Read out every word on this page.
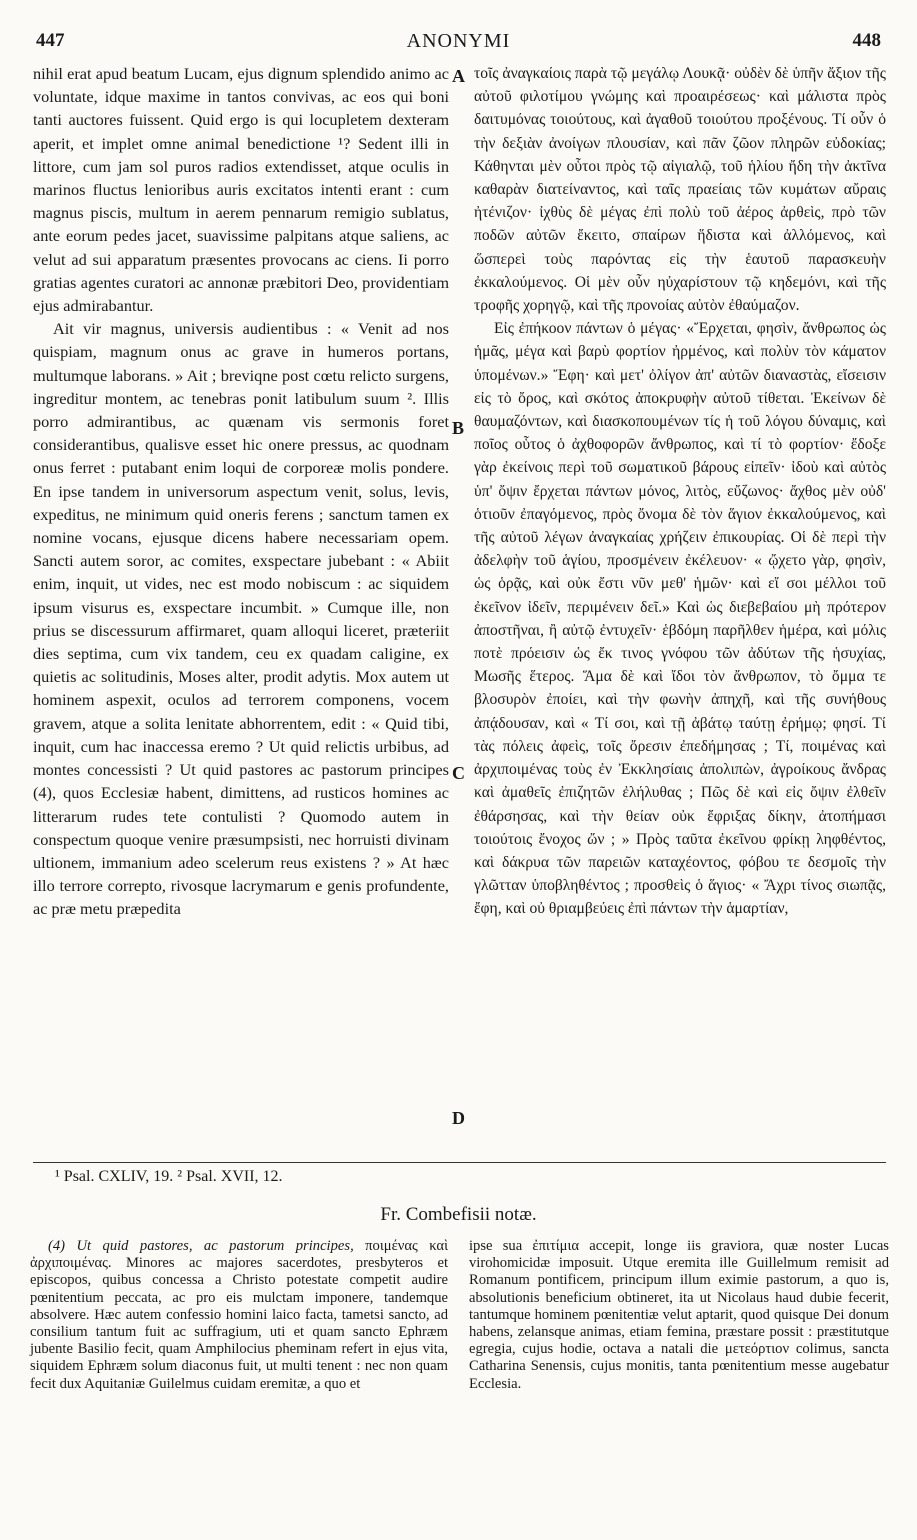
447	ANONYMI	448

nihil erat apud beatum Lucam, ejus dignum splendido animo ac voluntate, idque maxime in tantos convivas, ac eos qui boni tanti auctores fuissent. Quid ergo is qui locupletem dexteram aperit, et implet omne animal benedictione ¹? Sedent illi in littore, cum jam sol puros radios extendisset, atque oculis in marinos fluctus lenioribus auris excitatos intenti erant : cum magnus piscis, multum in aerem pennarum remigio sublatus, ante eorum pedes jacet, suavissime palpitans atque saliens, ac velut ad sui apparatum præsentes provocans ac ciens. Ii porro gratias agentes curatori ac annonæ præbitori Deo, providentiam ejus admirabantur.

Ait vir magnus, universis audientibus : « Venit ad nos quispiam, magnum onus ac grave in humeros portans, multumque laborans. » Ait ; breviqne post cœtu relicto surgens, ingreditur montem, ac tenebras ponit latibulum suum ². Illis porro admirantibus, ac quænam vis sermonis foret considerantibus, qualisve esset hic onere pressus, ac quodnam onus ferret : putabant enim loqui de corporeæ molis pondere. En ipse tandem in universorum aspectum venit, solus, levis, expeditus, ne minimum quid oneris ferens ; sanctum tamen ex nomine vocans, ejusque dicens habere necessariam opem. Sancti autem soror, ac comites, exspectare jubebant : « Abiit enim, inquit, ut vides, nec est modo nobiscum : ac siquidem ipsum visurus es, exspectare incumbit. » Cumque ille, non prius se discessurum affirmaret, quam alloqui liceret, præteriit dies septima, cum vix tandem, ceu ex quadam caligine, ex quietis ac solitudinis, Moses alter, prodit adytis. Mox autem ut hominem aspexit, oculos ad terrorem componens, vocem gravem, atque a solita lenitate abhorrentem, edit : « Quid tibi, inquit, cum hac inaccessa eremo ? Ut quid relictis urbibus, ad montes concessisti ? Ut quid pastores ac pastorum principes (4), quos Ecclesiæ habent, dimittens, ad rusticos homines ac litterarum rudes tete contulisti ? Quomodo autem in conspectum quoque venire præsumpsisti, nec horruisti divinam ultionem, immanium adeo scelerum reus existens ? » At hæc illo terrore correpto, rivosque lacrymarum e genis profundente, ac præ metu præpedita

A
B
C
D

τοῖς ἀναγκαίοις παρὰ τῷ μεγάλῳ Λουκᾷ· οὐδὲν δὲ ὑπῆν ἄξιον τῆς αὐτοῦ φιλοτίμου γνώμης καὶ προαιρέσεως· καὶ μάλιστα πρὸς δαιτυμόνας τοιούτους, καὶ ἀγαθοῦ τοιούτου προξένους. Τί οὖν ὁ τὴν δεξιὰν ἀνοίγων πλουσίαν, καὶ πᾶν ζῶον πληρῶν εὐδοκίας; Κάθηνται μὲν οὗτοι πρὸς τῷ αἰγιαλῷ, τοῦ ἡλίου ἤδη τὴν ἀκτῖνα καθαρὰν διατείναντος, καὶ ταῖς πραείαις τῶν κυμάτων αὔραις ἠτένιζον· ἰχθὺς δὲ μέγας ἐπὶ πολὺ τοῦ ἀέρος ἀρθεὶς, πρὸ τῶν ποδῶν αὐτῶν ἔκειτο, σπαίρων ἥδιστα καὶ ἀλλόμενος, καὶ ὥσπερεὶ τοὺς παρόντας εἰς τὴν ἑαυτοῦ παρασκευὴν ἐκκαλούμενος. Οἱ μὲν οὖν ηὐχαρίστουν τῷ κηδεμόνι, καὶ τῆς τροφῆς χορηγῷ, καὶ τῆς προνοίας αὐτὸν ἐθαύμαζον.

Εἰς ἐπήκοον πάντων ὁ μέγας· «Ἔρχεται, φησὶν, ἄνθρωπος ὡς ἡμᾶς, μέγα καὶ βαρὺ φορτίον ἠρμένος, καὶ πολὺν τὸν κάματον ὑπομένων.» Ἔφη· καὶ μετ' ὀλίγον ἀπ' αὐτῶν διαναστὰς, εἴσεισιν εἰς τὸ ὄρος, καὶ σκότος ἀποκρυφὴν αὐτοῦ τίθεται. Ἐκείνων δὲ θαυμαζόντων, καὶ διασκοπουμένων τίς ἡ τοῦ λόγου δύναμις, καὶ ποῖος οὗτος ὁ ἀχθοφορῶν ἄνθρωπος, καὶ τί τὸ φορτίον· ἔδοξε γὰρ ἐκείνοις περὶ τοῦ σωματικοῦ βάρους εἰπεῖν· ἰδοὺ καὶ αὐτὸς ὑπ' ὄψιν ἔρχεται πάντων μόνος, λιτὸς, εὔζωνος· ἄχθος μὲν οὐδ' ὁτιοῦν ἐπαγόμενος, πρὸς ὄνομα δὲ τὸν ἅγιον ἐκκαλούμενος, καὶ τῆς αὐτοῦ λέγων ἀναγκαίας χρήζειν ἐπικουρίας. Οἱ δὲ περὶ τὴν ἀδελφὴν τοῦ ἁγίου, προσμένειν ἐκέλευον· « ᾤχετο γὰρ, φησὶν, ὡς ὁρᾷς, καὶ οὐκ ἔστι νῦν μεθ' ἡμῶν· καὶ εἴ σοι μέλλοι τοῦ ἐκεῖνον ἰδεῖν, περιμένειν δεῖ.» Καὶ ὡς διεβεβαίου μὴ πρότερον ἀποστῆναι, ἢ αὐτῷ ἐντυχεῖν· ἑβδόμη παρῆλθεν ἡμέρα, καὶ μόλις ποτὲ πρόεισιν ὡς ἔκ τινος γνόφου τῶν ἀδύτων τῆς ἡσυχίας, Μωσῆς ἕτερος. Ἅμα δὲ καὶ ἴδοι τὸν ἄνθρωπον, τὸ ὄμμα τε βλοσυρὸν ἐποίει, καὶ τὴν φωνὴν ἀπηχῆ, καὶ τῆς συνήθους ἀπᾴδουσαν, καὶ « Τί σοι, καὶ τῇ ἀβάτῳ ταύτῃ ἐρήμῳ; φησί. Τί τὰς πόλεις ἀφεὶς, τοῖς ὄρεσιν ἐπεδήμησας ; Τί, ποιμένας καὶ ἀρχιποιμένας τοὺς ἐν Ἐκκλησίαις ἀπολιπὼν, ἀγροίκους ἄνδρας καὶ ἀμαθεῖς ἐπιζητῶν ἐλήλυθας ; Πῶς δὲ καὶ εἰς ὄψιν ἐλθεῖν ἐθάρσησας, καὶ τὴν θείαν οὐκ ἔφριξας δίκην, ἀτοπήμασι τοιούτοις ἔνοχος ὤν ; » Πρὸς ταῦτα ἐκεῖνου φρίκῃ ληφθέντος, καὶ δάκρυα τῶν παρειῶν καταχέοντος, φόβου τε δεσμοῖς τὴν γλῶτταν ὑποβληθέντος ; προσθεὶς ὁ ἅγιος· « Ἄχρι τίνος σιωπᾷς, ἔφη, καὶ οὐ θριαμβεύεις ἐπὶ πάντων τὴν ἁμαρτίαν,

¹ Psal. CXLIV, 19. ² Psal. XVII, 12.
Fr. Combefisii notæ.

(4) Ut quid pastores, ac pastorum principes, ποιμένας καὶ ἀρχιποιμένας. Minores ac majores sacerdotes, presbyteros et episcopos, quibus concessa a Christo potestate competit audire pœnitentium peccata, ac pro eis mulctam imponere, tandemque absolvere. Hæc autem confessio homini laico facta, tametsi sancto, ad consilium tantum fuit ac suffragium, uti et quam sancto Ephræm jubente Basilio fecit, quam Amphilocius pheminam refert in ejus vita, siquidem Ephræm solum diaconus fuit, ut multi tenent : nec non quam fecit dux Aquitaniæ Guilelmus cuidam eremitæ, a quo et

ipse sua ἐπιτίμια accepit, longe iis graviora, quæ noster Lucas virohomicidæ imposuit. Utque eremita ille Guillelmum remisit ad Romanum pontificem, principum illum eximie pastorum, a quo is, absolutionis beneficium obtineret, ita ut Nicolaus haud dubie fecerit, tantumque hominem pœnitentiæ velut aptarit, quod quisque Dei donum habens, zelansque animas, etiam femina, præstare possit : præstitutque egregia, cujus hodie, octava a natali die μετεόρτιον colimus, sancta Catharina Senensis, cujus monitis, tanta pœnitentium messe augebatur Ecclesia.
